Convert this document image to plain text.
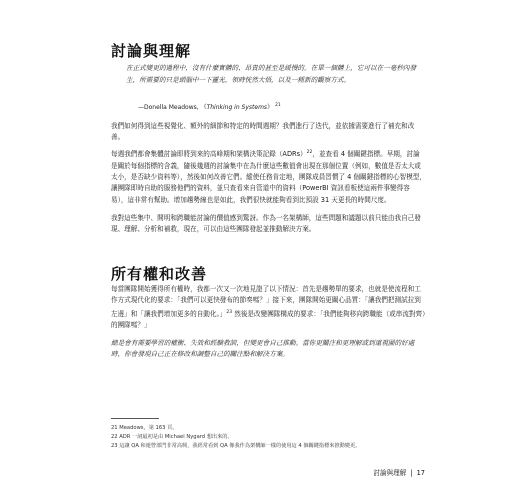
討論與理解
在正式變更的過程中，沒有什麼實體的、昂貴的甚至是緩慢的。在單一個體上，它可以在一毫秒內發生，所需要的只是頭腦中一下靈光，領時恍然大悟，以及一種新的觀察方式。
—Donella Meadows, 《Thinking in Systems》 $^{21}$

我們如何得到這些視覺化、額外的細節和特定的時間週期？我們進行了迭代，並依據需要進行了補充和改善。

每週我們都會集體討論即將到來的高峰期和架構決策記錄（ADRs）$^{22}$，並查看 4 個關鍵指標。早期，討論是關於每個指標的含義，隨後幾週的討論集中在為什麼這些數值會出現在那個位置（例如，數值是否太大或太小，是否缺少資料等），然後如何改善它們。縱使任務肯定地，團隊成員習慣了 4 個關鍵指標的心智模型，讓團隊即時自助的服務他們的資料，並只查看來自管道中的資料（PowerBI 資訊看板使這兩件事變得容易），這非常有幫助。增加趨勢線也是如此，我們很快就能夠看到比預設 31 天更長的時間尺度。

我對這些集中、開明和跨職能討論的價值感到驚訝。作為一名架構師，這些問題和議題以前只能由我自己發現、理解、分析和補救，現在，可以由這些團隊發起並推動解決方案。

所有權和改善

每當團隊開始獲得所有權時，我都一次又一次地見證了以下情況：首先是趨勢單的要求，也就是使流程和工作方式現代化的要求：「我們可以更快發布的節奏嗎？」接下來，團隊開始更關心品質：「讓我們把測試拉到左邊」和「讓我們增加更多的自動化。」$^{23}$ 然後是改變團隊構成的要求：「我們能夠移向跨職能（或串流對齊）的團隊嗎？」

總是會有需要學習的權衡、失效和經驗教訓，但變更會自己推動。當你更關注和更理解或到遠視圖的好處時，你會發現自己正在修改和調整自己的關注點和解決方案。

21 Meadows，第 163 頁。
22 ADR 一詞最初是由 Michael Nygard 想出來的。
23 這讓 QA 和運營部門非常高興，我經常看到 QA 像我作為架構師一樣的使用這 4 個關鍵指標來推動變更。
討論與理解 | 17
